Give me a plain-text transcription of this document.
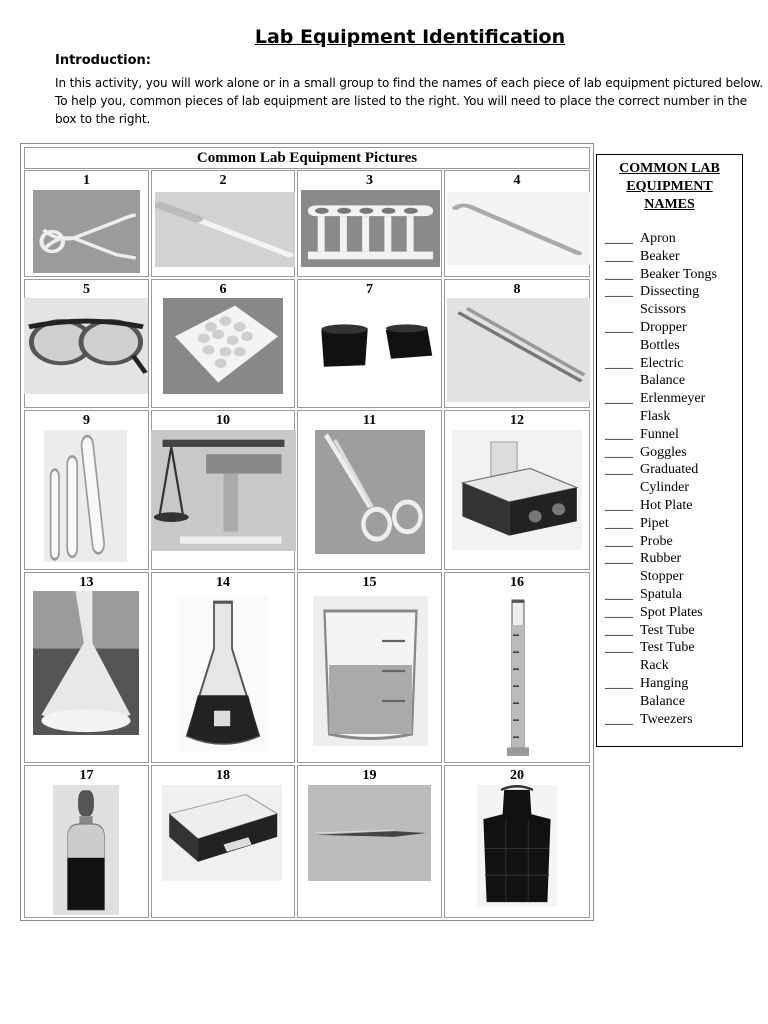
Lab Equipment Identification
Introduction:
In this activity, you will work alone or in a small group to find the names of each piece of lab equipment pictured below. To help you, common pieces of lab equipment are listed to the right. You will need to place the correct number in the box to the right.
Common Lab Equipment Pictures
1	2	3	4
5	6	7	8
9	10	11	12
13	14	15	16
17	18	19	20
COMMON LAB EQUIPMENT NAMES
____ Apron
____ Beaker
____ Beaker Tongs
____ Dissecting
Scissors
____ Dropper
Bottles
____ Electric
Balance
____ Erlenmeyer
Flask
____ Funnel
____ Goggles
____ Graduated
Cylinder
____ Hot Plate
____ Pipet
____ Probe
____ Rubber
Stopper
____ Spatula
____ Spot Plates
____ Test Tube
____ Test Tube
Rack
____ Hanging
Balance
____ Tweezers
